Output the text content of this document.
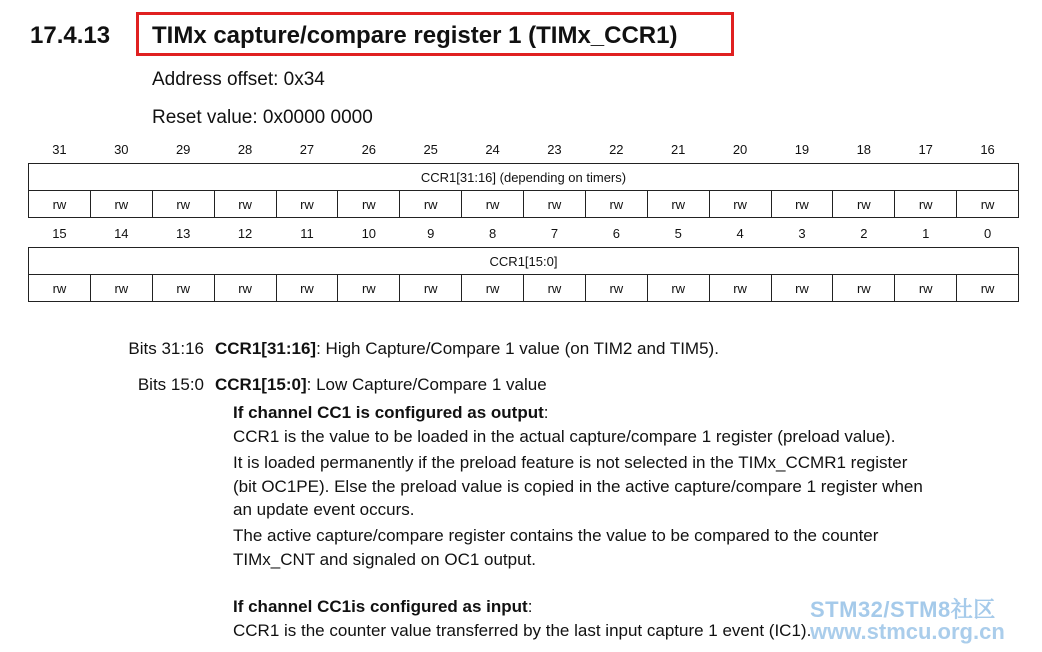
17.4.13 TIMx capture/compare register 1 (TIMx_CCR1)
Address offset: 0x34
Reset value: 0x0000 0000
31	30	29	28	27	26	25	24	23	22	21	20	19	18	17	16
CCR1[31:16] (depending on timers)															
rw	rw	rw	rw	rw	rw	rw	rw	rw	rw	rw	rw	rw	rw	rw	rw
15	14	13	12	11	10	9	8	7	6	5	4	3	2	1	0
CCR1[15:0]															
rw	rw	rw	rw	rw	rw	rw	rw	rw	rw	rw	rw	rw	rw	rw	rw
Bits 31:16 CCR1[31:16]: High Capture/Compare 1 value (on TIM2 and TIM5).
Bits 15:0 CCR1[15:0]: Low Capture/Compare 1 value
If channel CC1 is configured as output:
CCR1 is the value to be loaded in the actual capture/compare 1 register (preload value).
It is loaded permanently if the preload feature is not selected in the TIMx_CCMR1 register
(bit OC1PE). Else the preload value is copied in the active capture/compare 1 register when
an update event occurs.
The active capture/compare register contains the value to be compared to the counter
TIMx_CNT and signaled on OC1 output.
If channel CC1is configured as input:
CCR1 is the counter value transferred by the last input capture 1 event (IC1).
STM32/STM8社区
www.stmcu.org.cn
